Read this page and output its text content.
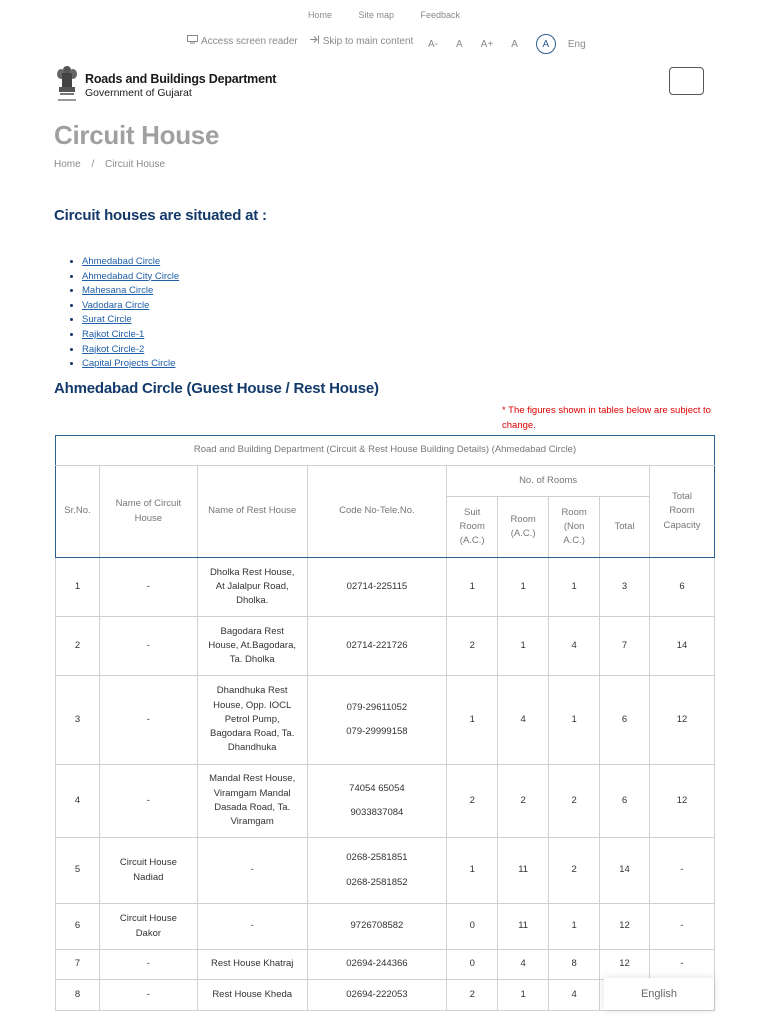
Home	Site map	Feedback
Access screen reader	Skip to main content A- A A+ A	A	Eng
Roads and Buildings Department
Government of Gujarat
Circuit House
Home / Circuit House
Circuit houses are situated at :
• Ahmedabad Circle
• Ahmedabad City Circle
• Mahesana Circle
• Vadodara Circle
• Surat Circle
• Rajkot Circle-1
• Rajkot Circle-2
• Capital Projects Circle
Ahmedabad Circle (Guest House / Rest House)
* The figures shown in tables below are subject to change.
Road and Building Department (Circuit & Rest House Building Details) (Ahmedabad Circle)								
Sr.No.	Name of Circuit House	Name of Rest House	Code No-Tele.No.	No. of Rooms				Total Room Capacity
				Suit Room (A.C.)	Room (A.C.)	Room (Non A.C.)	Total	
1	-	Dholka Rest House, At Jalalpur Road, Dholka.	02714-225115	1	1	1	3	6
2	-	Bagodara Rest House, At.Bagodara, Ta. Dholka	02714-221726	2	1	4	7	14
3	-	Dhandhuka Rest House, Opp. IOCL Petrol Pump, Bagodara Road, Ta. Dhandhuka	079-29611052
079-29999158	1	4	1	6	12
4	-	Mandal Rest House, Viramgam Mandal Dasada Road, Ta. Viramgam	74054 65054
9033837084	2	2	2	6	12
5	Circuit House Nadiad	-	0268-2581851
0268-2581852	1	11	2	14	-
6	Circuit House Dakor	-	9726708582	0	11	1	12	-
7	-	Rest House Khatraj	02694-244366	0	4	8	12	-
8	-	Rest House Kheda	02694-222053	2	1	4			English
